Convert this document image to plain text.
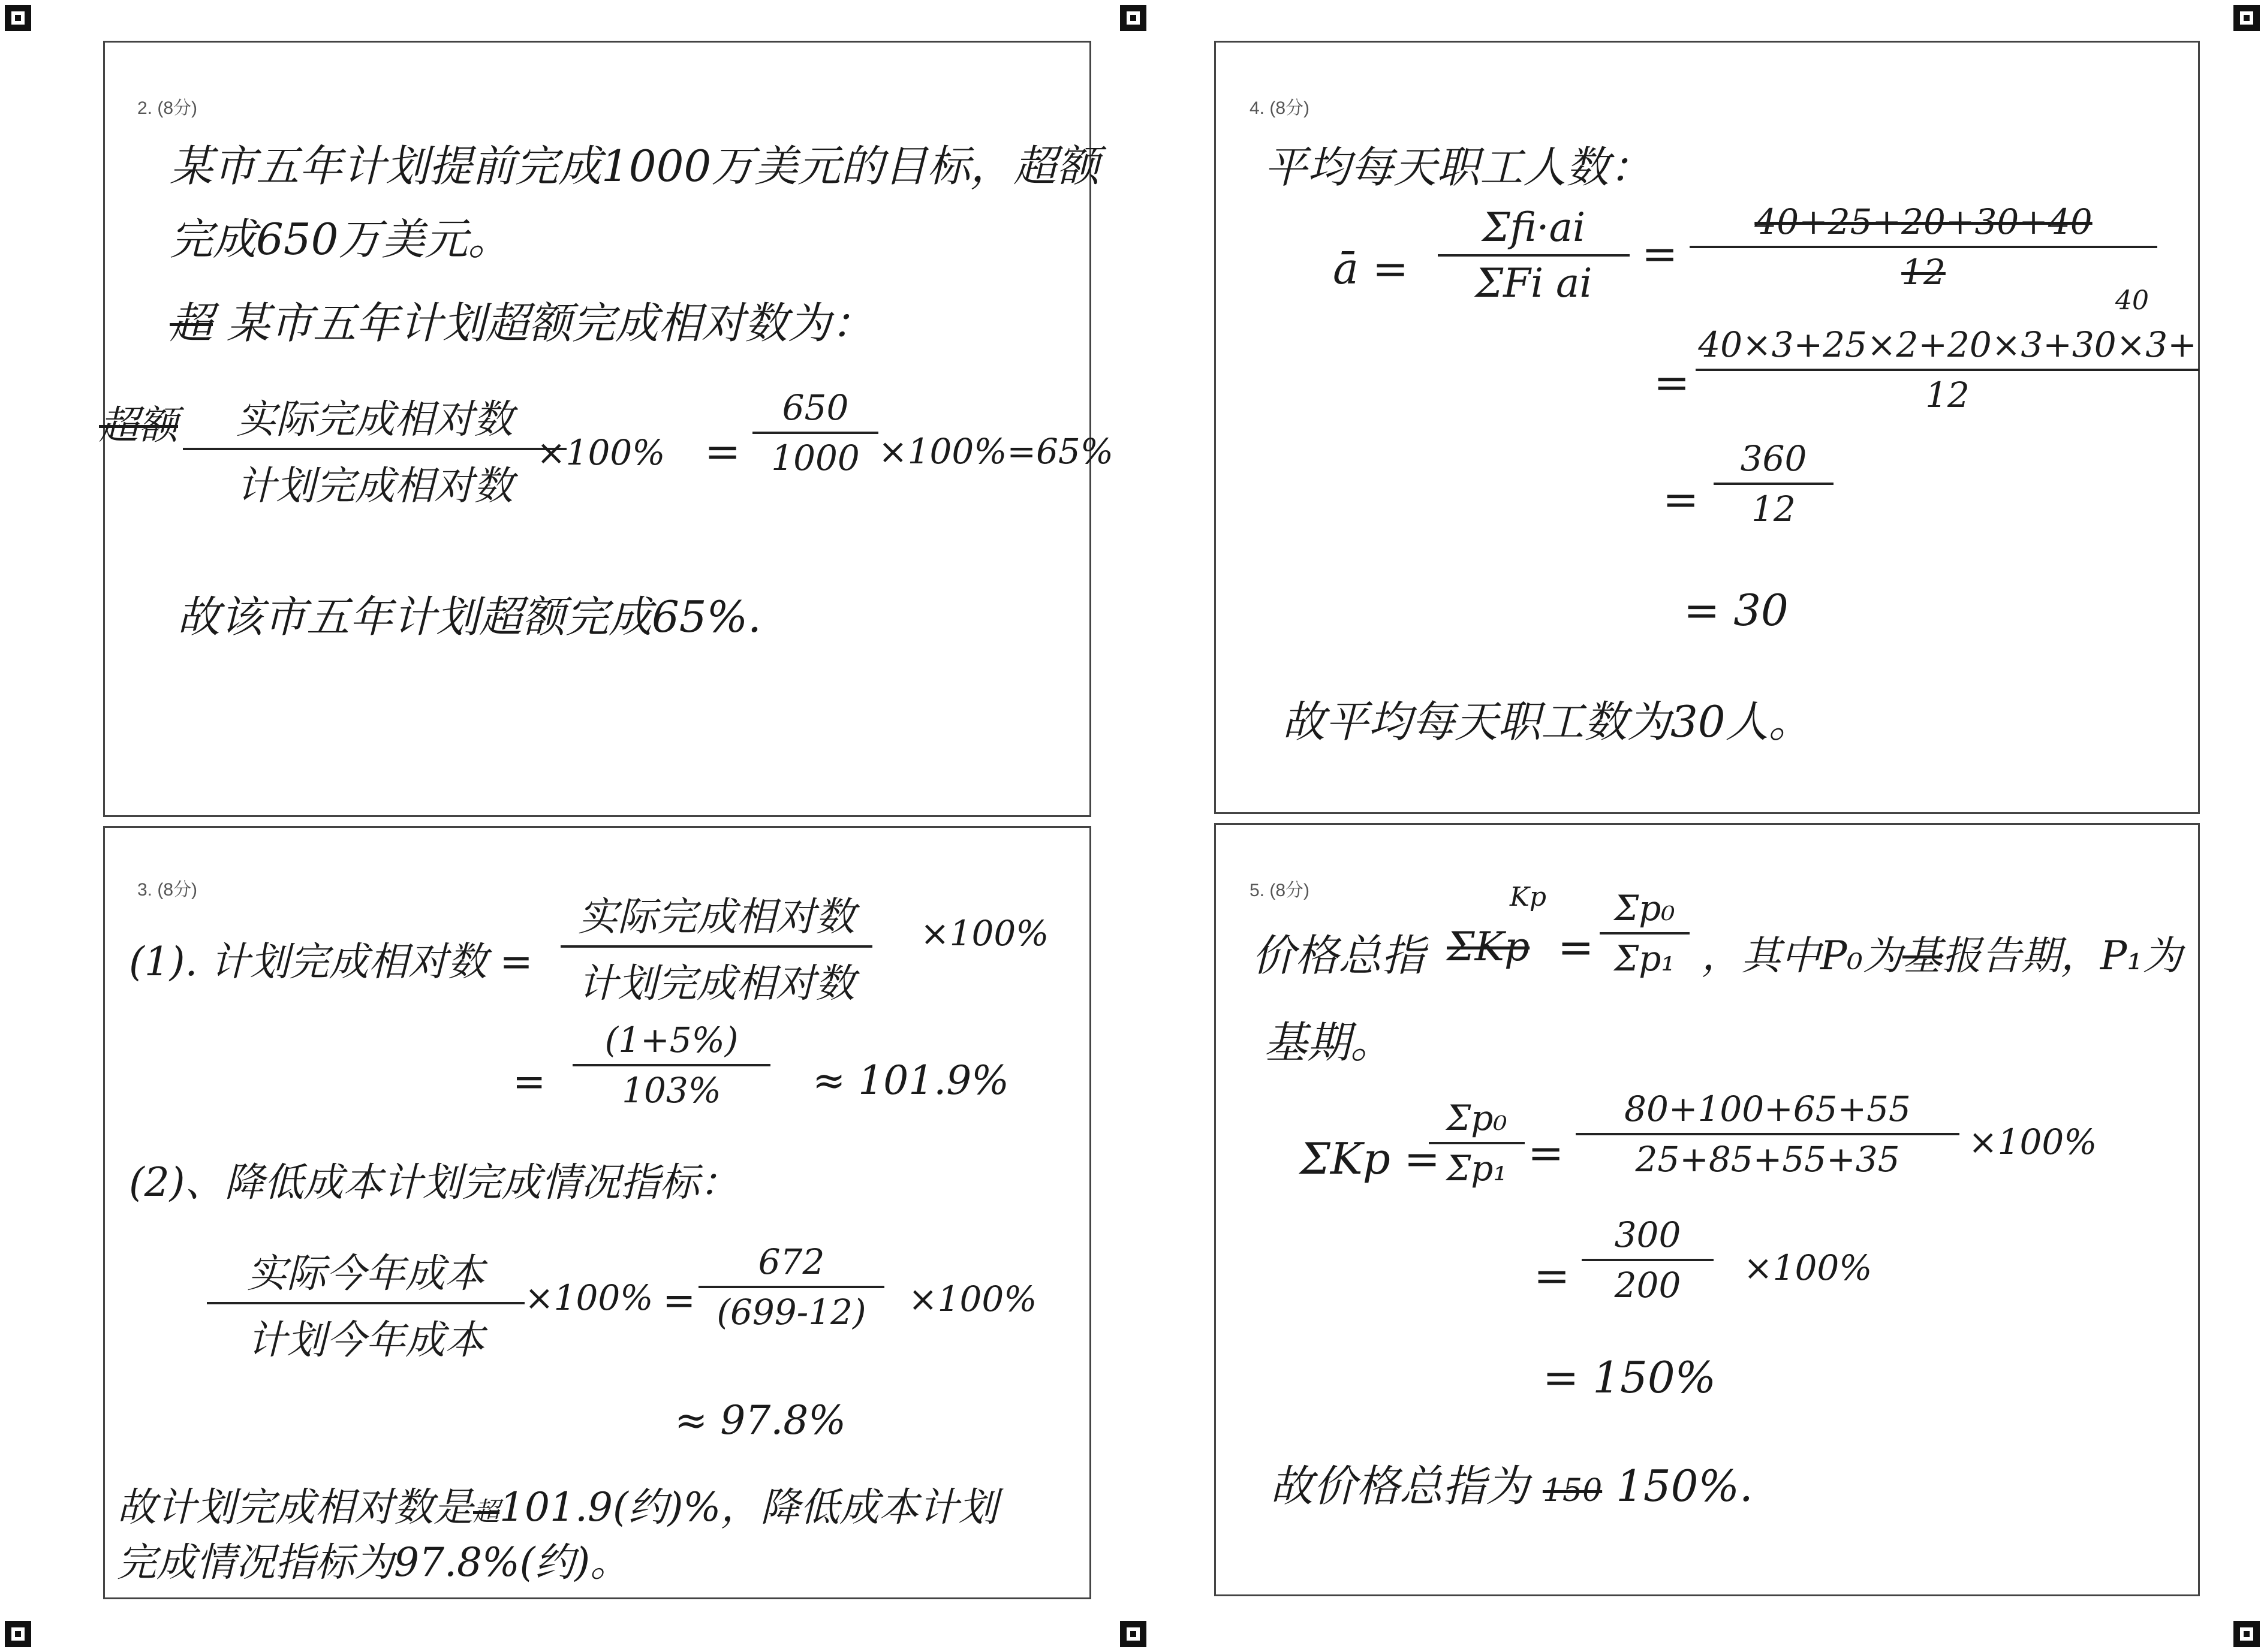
2. (8分)
某市五年计划提前完成1000万美元的目标，超额
完成650万美元。
超 某市五年计划超额完成相对数为：
超额	实际完成相对数
计划完成相对数
×100% =
650
1000 ×100%=65%
故该市五年计划超额完成65%.
3. (8分)
(1). 计划完成相对数 =
实际完成相对数
计划完成相对数
×100%
=
(1+5%)
103%	≈ 101.9%
(2)、降低成本计划完成情况指标：
实际今年成本
计划今年成本
×100% =
672
(699-12)	×100%
≈ 97.8%
故计划完成相对数是超101.9(约)%，降低成本计划
完成情况指标为97.8%(约)。
4. (8分)
平均每天职工人数：
ā =
Σfi·ai
ΣFi ai
=
40+25+20+30+40
12
40
=
40×3+25×2+20×3+30×3+
12
=
360
12
= 30
故平均每天职工数为30人。
5. (8分)
价格总指 ΣKp
Kp
=
Σp₀
Σp₁ ，其中P₀为基报告期，P₁为
基期。
ΣKp =
Σp₀
Σp₁ =
80+100+65+55
25+85+55+35	×100%
=
300
200	×100%
= 150%
故价格总指为 150 150%.
